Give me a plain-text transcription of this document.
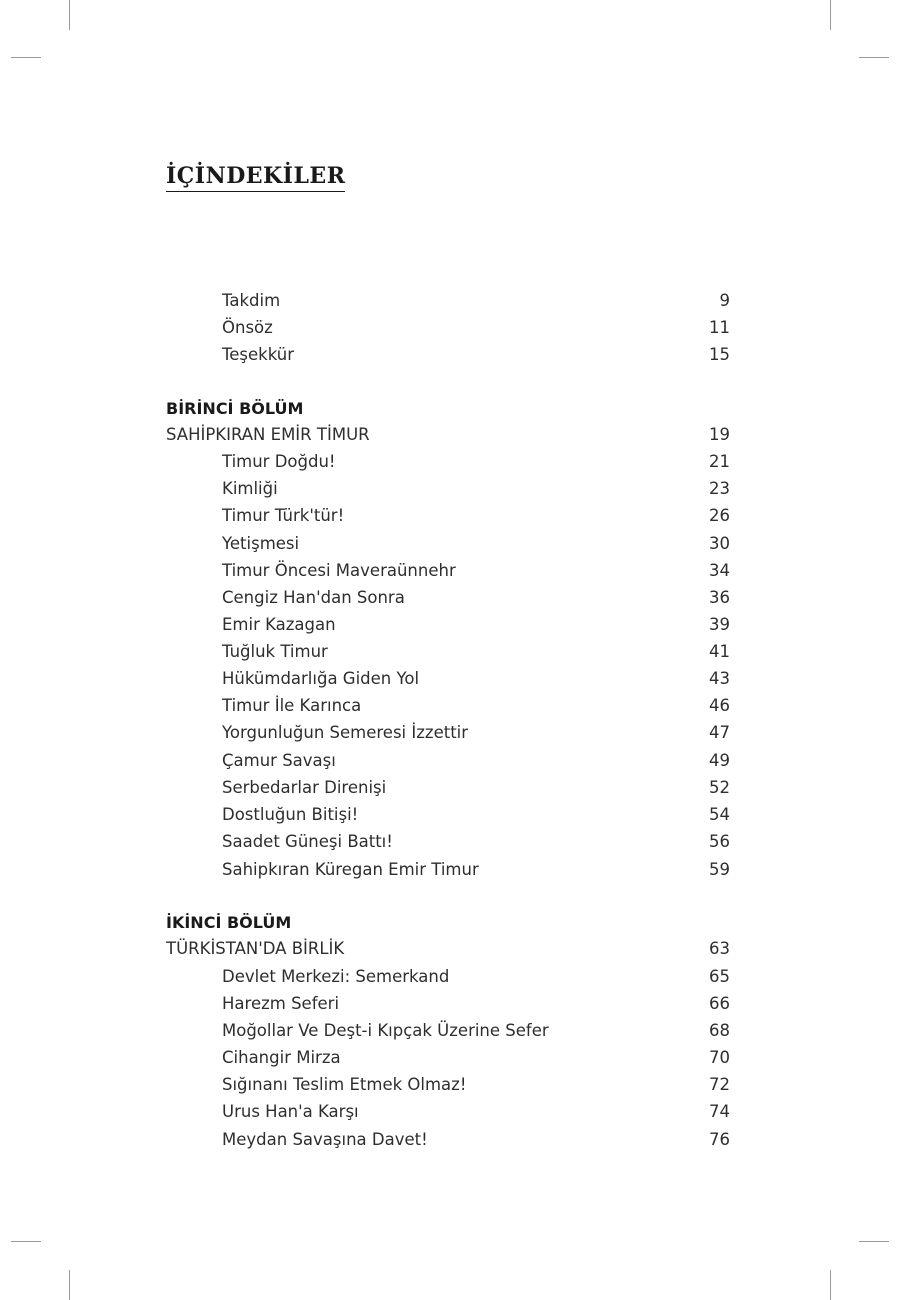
İÇİNDEKİLER
Takdim	9
Önsöz	11
Teşekkür	15
BİRİNCİ BÖLÜM
SAHİPKIRAN EMİR TİMUR	19
Timur Doğdu!	21
Kimliği	23
Timur Türk'tür!	26
Yetişmesi	30
Timur Öncesi Maveraünnehr	34
Cengiz Han'dan Sonra	36
Emir Kazagan	39
Tuğluk Timur	41
Hükümdarlığa Giden Yol	43
Timur İle Karınca	46
Yorgunluğun Semeresi İzzettir	47
Çamur Savaşı	49
Serbedarlar Direnişi	52
Dostluğun Bitişi!	54
Saadet Güneşi Battı!	56
Sahipkıran Küregan Emir Timur	59
İKİNCİ BÖLÜM
TÜRKİSTAN'DA BİRLİK	63
Devlet Merkezi: Semerkand	65
Harezm Seferi	66
Moğollar Ve Deşt-i Kıpçak Üzerine Sefer	68
Cihangir Mirza	70
Sığınanı Teslim Etmek Olmaz!	72
Urus Han'a Karşı	74
Meydan Savaşına Davet!	76
